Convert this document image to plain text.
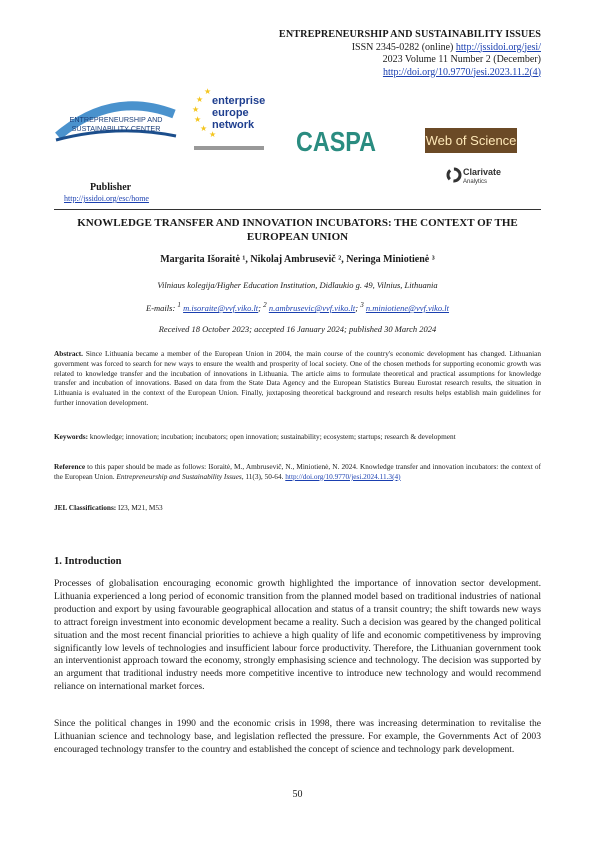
ENTREPRENEURSHIP AND SUSTAINABILITY ISSUES
ISSN 2345-0282 (online) http://jssidoi.org/jesi/
2023 Volume 11 Number 2 (December)
http://doi.org/10.9770/jesi.2023.11.2(4)
ENTREPRENEURSHIP AND
SUSTAINABILITY CENTER
★
★
★
★
★
★
enterprise
europe
network
CASPA	Web of Science
Clarivate
Analytics
Publisher
http://jssidoi.org/esc/home
KNOWLEDGE TRANSFER AND INNOVATION INCUBATORS: THE CONTEXT OF THE
EUROPEAN UNION
Margarita Išoraitė ¹, Nikolaj Ambrusevič ², Neringa Miniotienė ³
Vilniaus kolegija/Higher Education Institution, Didlaukio g. 49, Vilnius, Lithuania
E-mails: $^1$ m.isoraite@vvf.viko.lt; $^2$ n.ambrusevic@vvf.viko.lt; $^3$ n.miniotiene@vvf.viko.lt
Received 18 October 2023; accepted 16 January 2024; published 30 March 2024
Abstract. Since Lithuania became a member of the European Union in 2004, the main course of the country's economic development has changed. Lithuanian government was forced to search for new ways to ensure the wealth and prosperity of local society. One of the chosen methods for supporting economic growth was related to knowledge transfer and the incubation of innovations in Lithuania. The article aims to formulate theoretical and practical assumptions for knowledge transfer and incubation of innovations. Based on data from the State Data Agency and the European Statistics Bureau Eurostat research results, the situation in Lithuania is evaluated in the context of the European Union. Finally, juxtaposing theoretical background and research results helps establish main guidelines for further innovation development.
Keywords: knowledge; innovation; incubation; incubators; open innovation; sustainability; ecosystem; startups; research & development
Reference to this paper should be made as follows: Išoraitė, M., Ambrusevič, N., Miniotienė, N. 2024. Knowledge transfer and innovation incubators: the context of the European Union. Entrepreneurship and Sustainability Issues, 11(3), 50-64. http://doi.org/10.9770/jesi.2024.11.3(4)
JEL Classifications: I23, M21, M53
1. Introduction
Processes of globalisation encouraging economic growth highlighted the importance of innovation sector development. Lithuania experienced a long period of economic transition from the planned model based on traditional industries of national production and export by using favourable geographical allocation and status of a transit country; the shift towards new ways to attract foreign investment into economic development became a reality. Such a decision was geared by the changed political situation and the most recent financial priorities to achieve a high quality of life and economic competitiveness by improving significantly low levels of technologies and insufficient labour force productivity. Therefore, the Lithuanian government took an interventionist approach toward the economy, strongly emphasising science and technology. The decision was supported by an argument that traditional industry needs more competitive incentive to introduce new technology and would recommend reliance on international market forces.
Since the political changes in 1990 and the economic crisis in 1998, there was increasing determination to revitalise the Lithuanian science and technology base, and legislation reflected the pressure. For example, the Governments Act of 2003 encouraged technology transfer to the country and established the concept of science and technology park development.
50
